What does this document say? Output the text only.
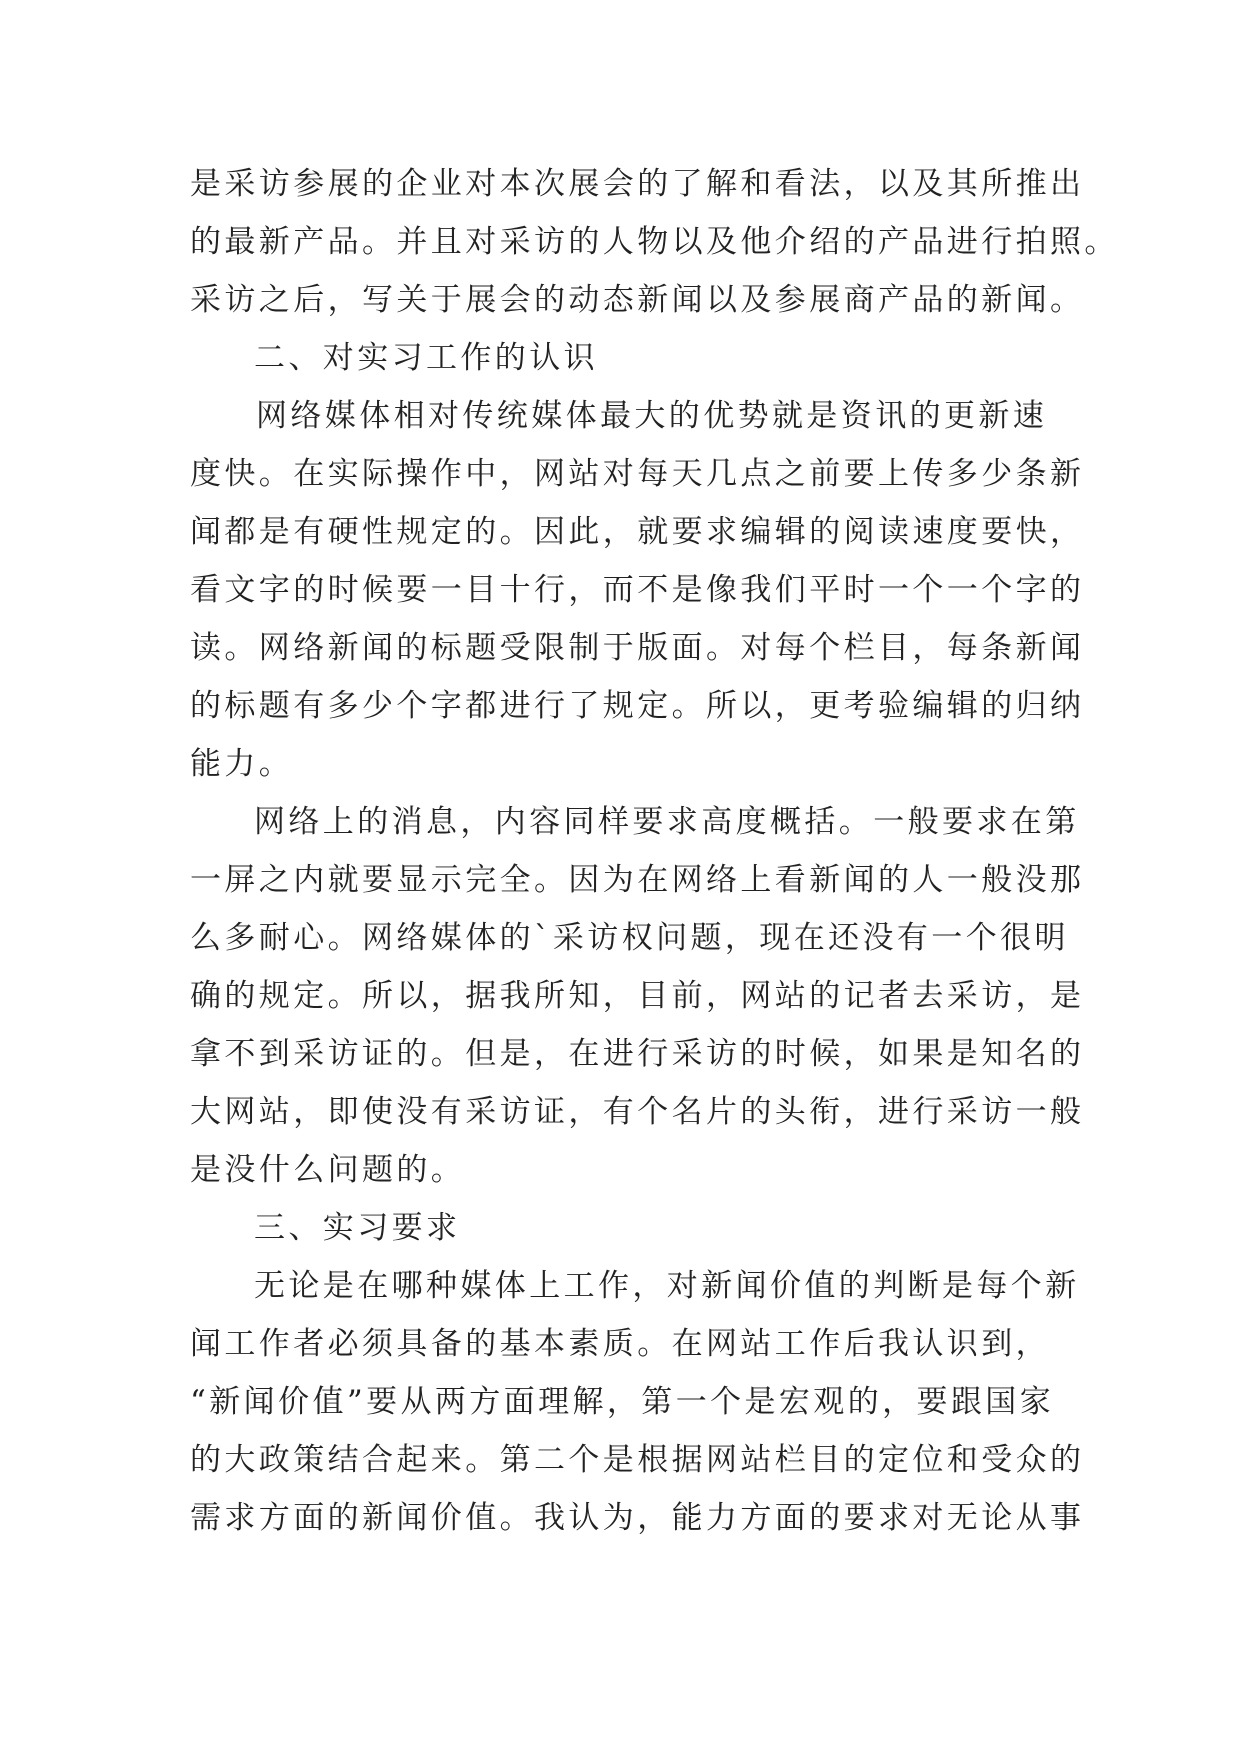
是采访参展的企业对本次展会的了解和看法，以及其所推出
的最新产品。并且对采访的人物以及他介绍的产品进行拍照。
采访之后，写关于展会的动态新闻以及参展商产品的新闻。
二、对实习工作的认识
网络媒体相对传统媒体最大的优势就是资讯的更新速
度快。在实际操作中，网站对每天几点之前要上传多少条新
闻都是有硬性规定的。因此，就要求编辑的阅读速度要快，
看文字的时候要一目十行，而不是像我们平时一个一个字的
读。网络新闻的标题受限制于版面。对每个栏目，每条新闻
的标题有多少个字都进行了规定。所以，更考验编辑的归纳
能力。
网络上的消息，内容同样要求高度概括。一般要求在第
一屏之内就要显示完全。因为在网络上看新闻的人一般没那
么多耐心。网络媒体的`采访权问题，现在还没有一个很明
确的规定。所以，据我所知，目前，网站的记者去采访，是
拿不到采访证的。但是，在进行采访的时候，如果是知名的
大网站，即使没有采访证，有个名片的头衔，进行采访一般
是没什么问题的。
三、实习要求
无论是在哪种媒体上工作，对新闻价值的判断是每个新
闻工作者必须具备的基本素质。在网站工作后我认识到，
“新闻价值”要从两方面理解，第一个是宏观的，要跟国家
的大政策结合起来。第二个是根据网站栏目的定位和受众的
需求方面的新闻价值。我认为，能力方面的要求对无论从事
